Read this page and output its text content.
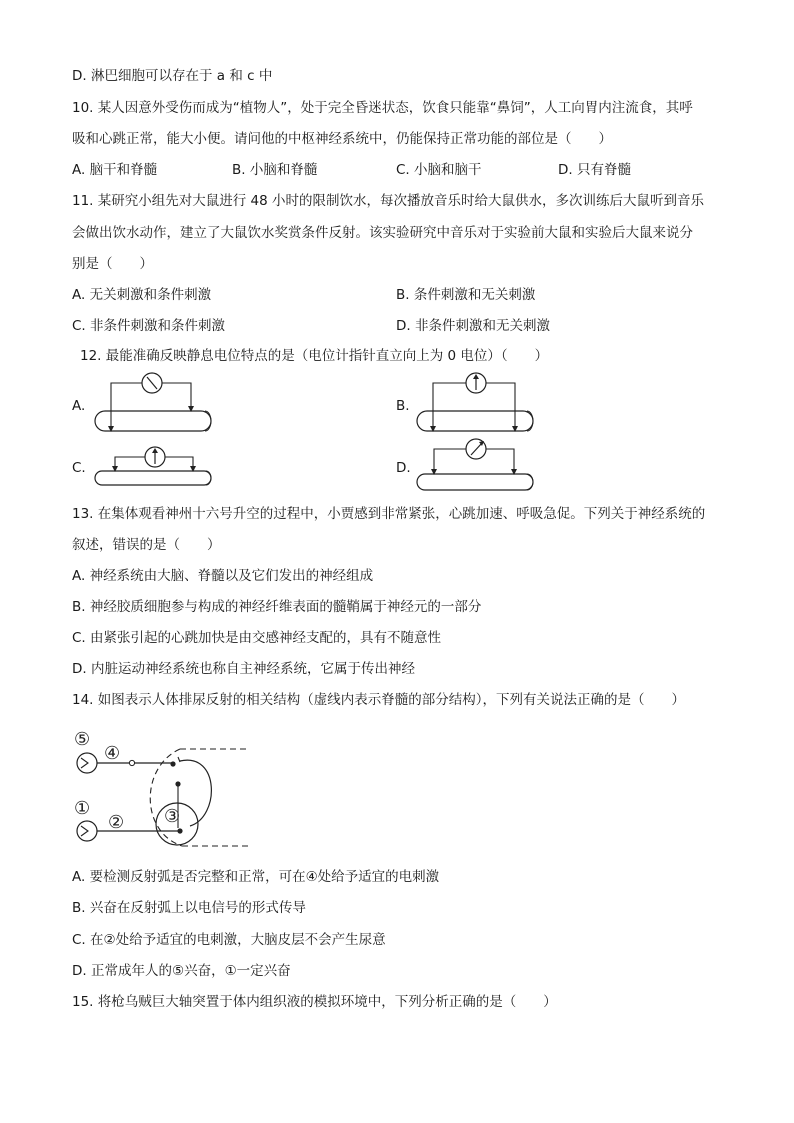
D. 淋巴细胞可以存在于 a 和 c 中
10. 某人因意外受伤而成为“植物人”，处于完全昏迷状态，饮食只能靠“鼻饲”，人工向胃内注流食，其呼
吸和心跳正常，能大小便。请问他的中枢神经系统中，仍能保持正常功能的部位是（　　）
A. 脑干和脊髓	B. 小脑和脊髓	C. 小脑和脑干	D. 只有脊髓
11. 某研究小组先对大鼠进行 48 小时的限制饮水，每次播放音乐时给大鼠供水，多次训练后大鼠听到音乐
会做出饮水动作，建立了大鼠饮水奖赏条件反射。该实验研究中音乐对于实验前大鼠和实验后大鼠来说分
别是（　　）
A. 无关刺激和条件刺激	B. 条件刺激和无关刺激
C. 非条件刺激和条件刺激	D. 非条件刺激和无关刺激
12. 最能准确反映静息电位特点的是（电位计指针直立向上为 0 电位）（　　）
A.	B.
C.	D.
13. 在集体观看神州十六号升空的过程中，小贾感到非常紧张，心跳加速、呼吸急促。下列关于神经系统的
叙述，错误的是（　　）
A. 神经系统由大脑、脊髓以及它们发出的神经组成
B. 神经胶质细胞参与构成的神经纤维表面的髓鞘属于神经元的一部分
C. 由紧张引起的心跳加快是由交感神经支配的，具有不随意性
D. 内脏运动神经系统也称自主神经系统，它属于传出神经
14. 如图表示人体排尿反射的相关结构（虚线内表示脊髓的部分结构），下列有关说法正确的是（　　）
⑤
④
①
② ③
A. 要检测反射弧是否完整和正常，可在④处给予适宜的电刺激
B. 兴奋在反射弧上以电信号的形式传导
C. 在②处给予适宜的电刺激，大脑皮层不会产生尿意
D. 正常成年人的⑤兴奋，①一定兴奋
15. 将枪乌贼巨大轴突置于体内组织液的模拟环境中，下列分析正确的是（　　）
